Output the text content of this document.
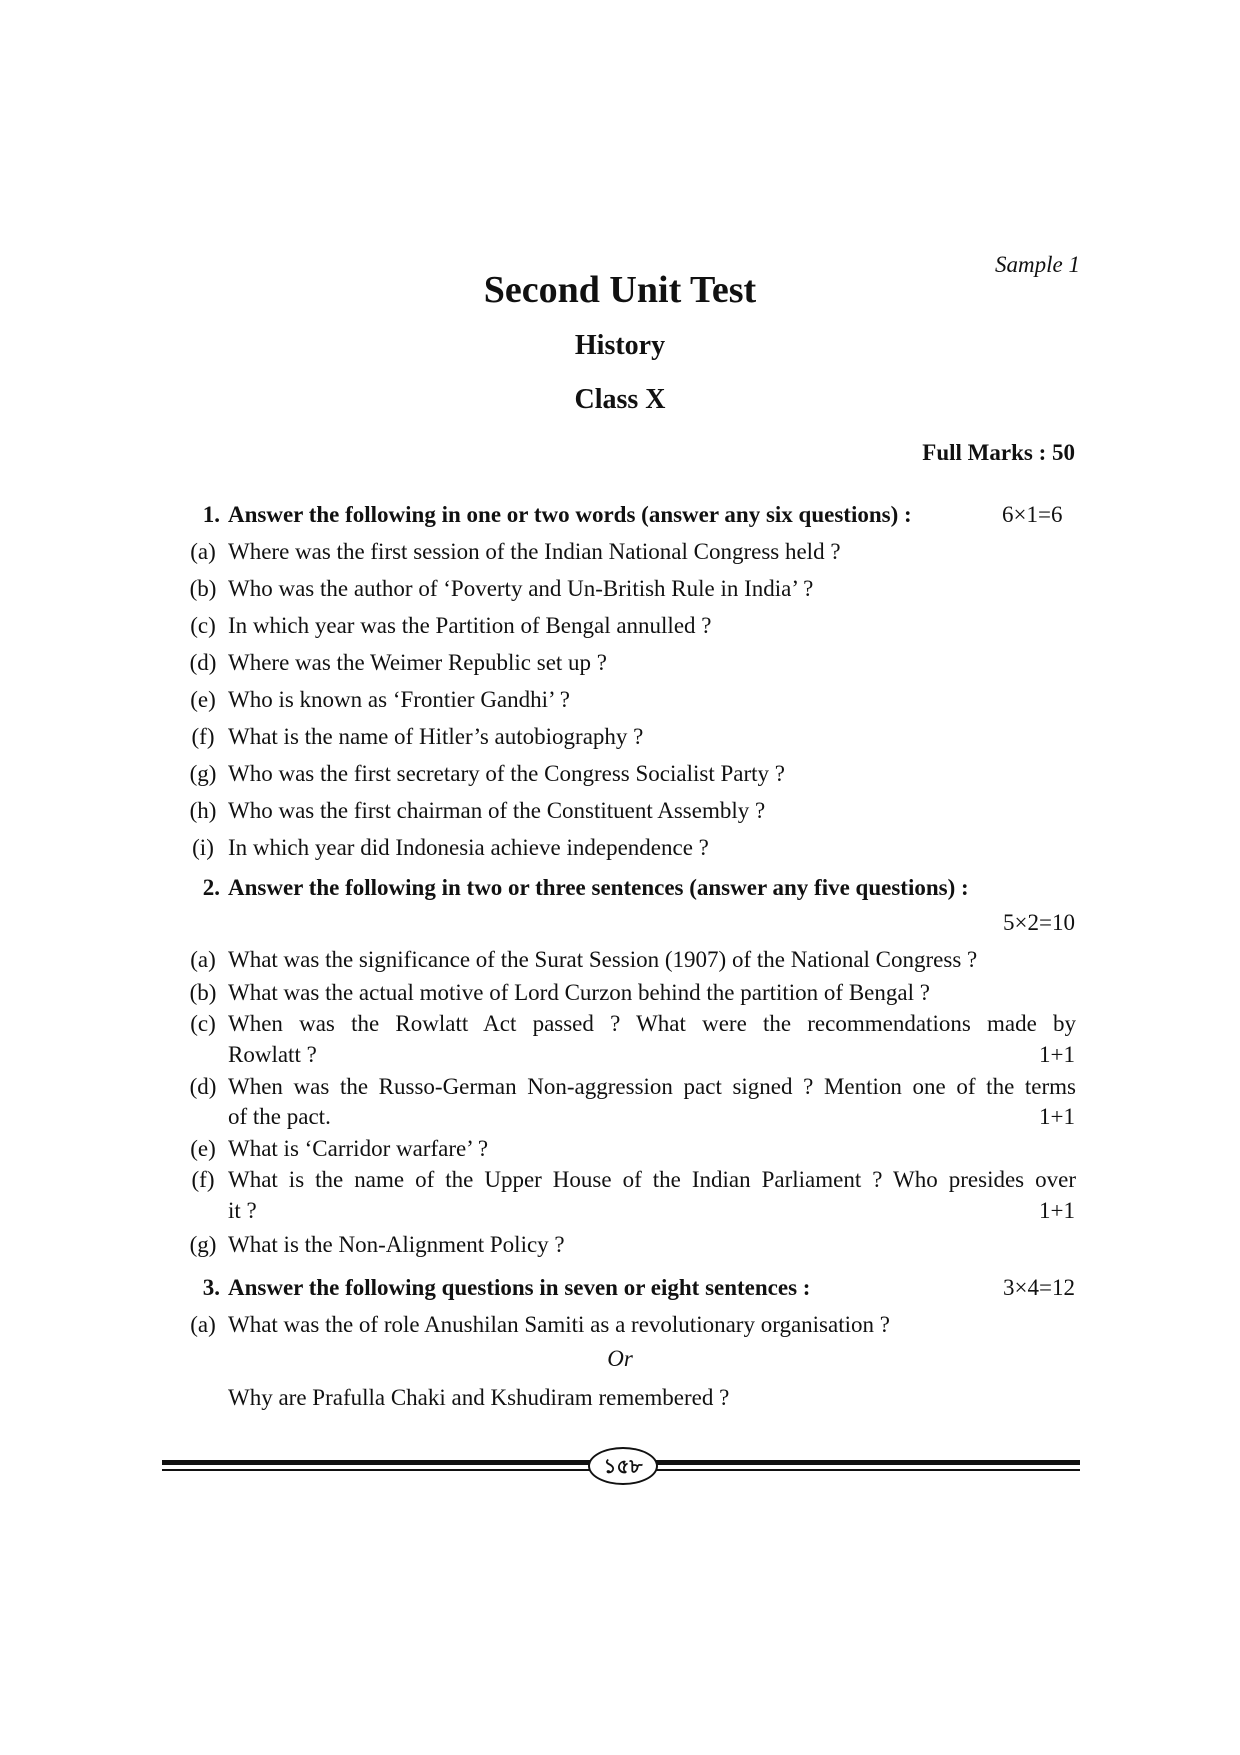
Sample 1
Second Unit Test
History
Class X
Full Marks : 50
1. Answer the following in one or two words (answer any six questions) :	6×1=6
(a) Where was the first session of the Indian National Congress held ?
(b) Who was the author of ‘Poverty and Un-British Rule in India’ ?
(c) In which year was the Partition of Bengal annulled ?
(d) Where was the Weimer Republic set up ?
(e) Who is known as ‘Frontier Gandhi’ ?
(f) What is the name of Hitler’s autobiography ?
(g) Who was the first secretary of the Congress Socialist Party ?
(h) Who was the first chairman of the Constituent Assembly ?
(i) In which year did Indonesia achieve independence ?
2. Answer the following in two or three sentences (answer any five questions) :
5×2=10
(a) What was the significance of the Surat Session (1907) of the National Congress ?
(b) What was the actual motive of Lord Curzon behind the partition of Bengal ?
(c) When was the Rowlatt Act passed ? What were the recommendations made by
Rowlatt ?	1+1
(d) When was the Russo-German Non-aggression pact signed ? Mention one of the terms
of the pact.	1+1
(e) What is ‘Carridor warfare’ ?
(f) What is the name of the Upper House of the Indian Parliament ? Who presides over
it ?	1+1
(g) What is the Non-Alignment Policy ?
3. Answer the following questions in seven or eight sentences :	3×4=12
(a) What was the of role Anushilan Samiti as a revolutionary organisation ?
Or
Why are Prafulla Chaki and Kshudiram remembered ?
১৫৮
